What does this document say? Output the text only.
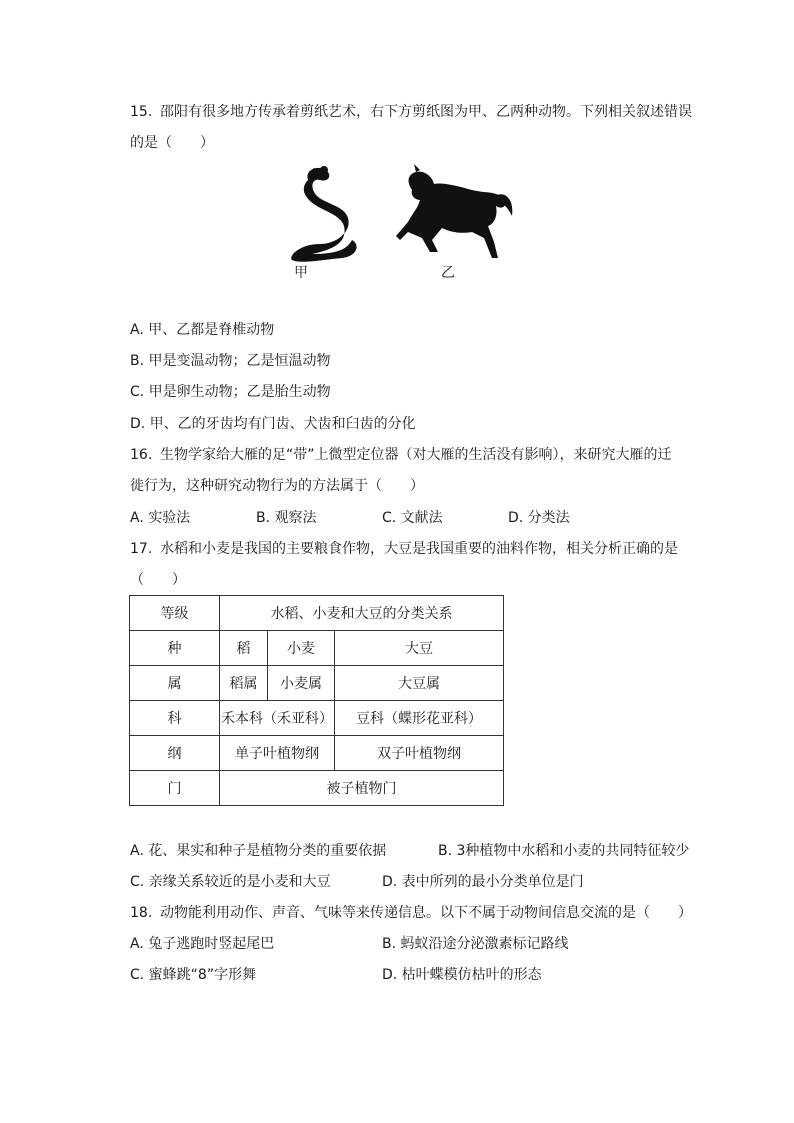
15. 邵阳有很多地方传承着剪纸艺术，右下方剪纸图为甲、乙两种动物。下列相关叙述错误
的是（　　）
甲	乙
A. 甲、乙都是脊椎动物
B. 甲是变温动物；乙是恒温动物
C. 甲是卵生动物；乙是胎生动物
D. 甲、乙的牙齿均有门齿、犬齿和臼齿的分化
16. 生物学家给大雁的足“带”上微型定位器（对大雁的生活没有影响），来研究大雁的迁
徙行为，这种研究动物行为的方法属于（　　）
A. 实验法	B. 观察法	C. 文献法	D. 分类法
17. 水稻和小麦是我国的主要粮食作物，大豆是我国重要的油料作物，相关分析正确的是
（　　）
等级	水稻、小麦和大豆的分类关系		
种	稻	小麦	大豆
属	稻属	小麦属	大豆属
科	禾本科（禾亚科）		豆科（蝶形花亚科）
纲	单子叶植物纲		双子叶植物纲
门	被子植物门		
A. 花、果实和种子是植物分类的重要依据	B. 3种植物中水稻和小麦的共同特征较少
C. 亲缘关系较近的是小麦和大豆	D. 表中所列的最小分类单位是门
18. 动物能利用动作、声音、气味等来传递信息。以下不属于动物间信息交流的是（　　）
A. 兔子逃跑时竖起尾巴	B. 蚂蚁沿途分泌激素标记路线
C. 蜜蜂跳“8”字形舞	D. 枯叶蝶模仿枯叶的形态
